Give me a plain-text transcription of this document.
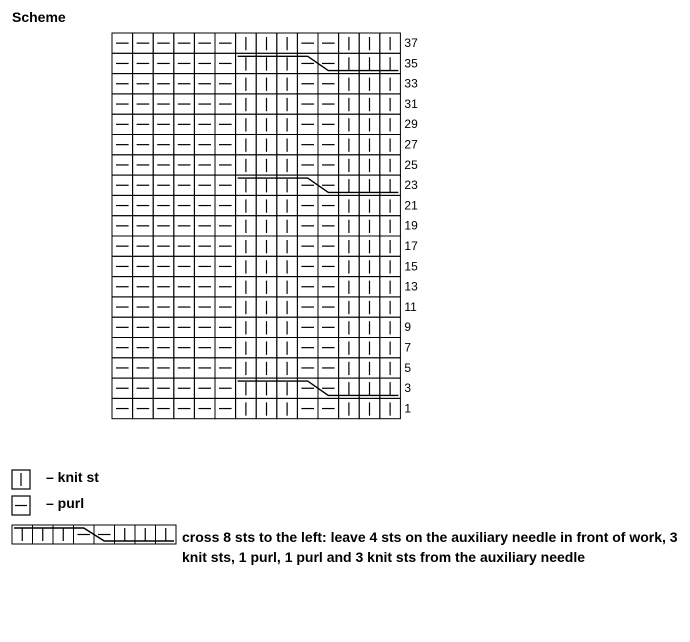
Scheme
37
35
33
31
29
27
25
23
21
19
17
15
13
11
9
7
5
3
1
– knit st
– purl
cross 8 sts to the left: leave 4 sts on the auxiliary needle in front of work, 3 knit sts, 1 purl, 1 purl and 3 knit sts from the auxiliary needle
